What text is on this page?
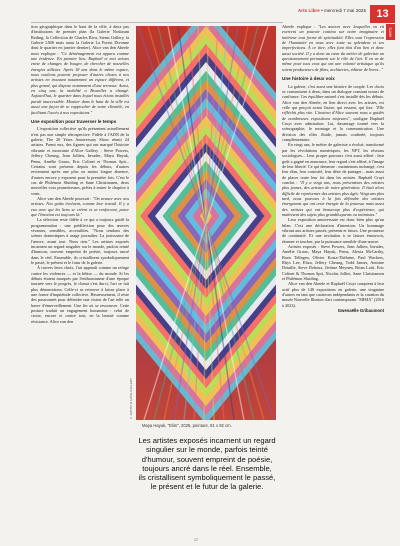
Arts Libre • mercredi 7 mai 2025 13
ARTS

tion géographique dans le haut de la ville, à deux pas d'institutions de premier plan (la Galerie Nosbaum Reding, la Collection de Charles Riva, Stems Gallery, la Galerie LMS mais aussi la Galerie La Forest Divonne dont le quartier en janvier dernier). Alice van den Abeele nous explique : "Ce déménagement est apparu comme une évidence. En premier lieu, Raphaël et moi avions envie de changer, de bouger, de chercher de nouvelles énergies ailleurs. Après 18 ans dans le même espace, nous voulions pouvoir proposer d'autres choses à nos artistes en trouvant notamment un espace différent, et plus grand, qui dispose notamment d'une terrasse. Aussi, en cinq ans, la mobilité a Bruxelles a changé. Aujourd'hui, le quartier dans lequel nous étions installés paraît inaccessible. Mouiter dans le haut de la ville est aussi une façon de se rapprocher de notre clientèle, en facilitant l'accès à nos expositions."

Une exposition pour traverser le temps

L'exposition collective qu'ils présentent actuellement n'est pas une simple rétrospective. Fidèle à l'ADN de la galerie, The 20 Years Anniversary Show réunit 24 artistes. Parmi eux, des figures qui ont marqué l'histoire vibrante et mouvante d'Alice Gallery : Steve Powers, Jeffery Cheung, Jean Jullien, Invader, Maya Hayuk, Pems, Amélie Graux, Eric Colinet et Thomas Spit... Certains sont présents depuis les débuts, d'autres reviennent après une plus ou moins longue absence, d'autres encore y exposent pour la première fois. C'est le cas de Philémon Sluiding et Sane Christiansen, deux nouvelles voix prometteuses, prêtes à entrer le chapitre à venir.

Alice van den Abeele poursuit : "On avance avec nos artistes. Nos goûts évoluent, comme leur travail. Il y a eux avec qui les liens se créent et se renforcent, parce que l'émotion est toujours là."

La sélection reste fidèle à ce qui a toujours guidé la programmation : une prédilection pour des œuvres vivantes, sensibles, accessibles. "Nous rendons des scènes domestiques à usage journalier. La jouissance de l'œuvre, avant tout. Nous rien." Les artistes exposés incarnent un regard singulier sur le monde, parfois teinté d'humour, souvent empreint de poésie, toujours ancré dans le réel. Ensemble, ils cristallisent symboliquement le passé, le présent et le futur de la galerie.

À travers leurs choix, l'art apparaît comme un refuge contre les violences — et la bêtise — du monde. Si les débuts étaient marqués par l'enthousiasme d'une époque tournée vers le progrès, le climat s'est durci, l'art se fait plus dénonciateur. Celle-ci se retrouve à laisse place à une forme d'inquiétude collective. Heureusement, il reste des passionnés pour défendre une vision de l'art telle un havre d'émerveillement. Une fin où se ressourcer. Cette posture traduit un engagement humaniste : celui de croire, encore et contre tout, en la beauté comme résistance. Alice van den

© ARTIST & ALICE GALLERY
Maya Hayuk, "Elim", 2025, peinture, 81 x 92 cm.
Les artistes exposés incarnent un regard singulier sur le monde, parfois teinté d'humour, souvent empreint de poésie, toujours ancré dans le réel. Ensemble, ils cristallisent symboliquement le passé, le présent et le futur de la galerie.

Abeele explique : "Les œuvres avec lesquelles on vit exercent un pouvoir continu sur notre imaginaire et intérieur tout forme de spiritualité. Elles sont l'expression de l'humanité en nous avec toute sa splendeur et ses imperfections. À ce titre, elles font état d'un lien et donc aussi société. Il y a donc au cœur du métier de galeriste un questionnement permanent sur le rôle de l'art. Il en va de même pour tous ceux qui ont une volonté artistique qu'ils soient producteurs de films, architectes, éditeur de livres..."

Une histoire à deux voix

La galerie, c'est aussi une histoire de couple. Les choix se construisent à deux, dans un dialogue constant nourri de confiance. Ces équilibre naturel s'est installé dès les débuts. Alice van den Abeele, en lien direct avec les artistes, est celle qui perçoit avant l'autre, qui ressent, qui fixe. "Elle réfléchit plus vite. L'instinct d'Alice souvent nous a guidés de nombreuses expositions majeures", souligne Raphaël Cruyt avec admiration. Lui, davantage tourné vers la scénographie, le montage et la communication. Une division des rôles fluide, jamais confinée, toujours complémentaire.

En vingt ans, le métier de galeriste a évolué, transformé par les révolutions numériques, les NFT, les réseaux sociologues... Leur propre parcours c'est aussi affiné : leur goût a gagné en assurance, leur regard s'est affiné, à l'image de leur liberté. Ce qui demeure : maintenons inchangé, c'est leur élan, leur curiosité, leur désir de partager... mais aussi de placer toute leur foi dans les artistes. Raphaël Cruyt conclut : "Il y a vingt ans, nous présentions des artistes plus jeunes, des artistes de notre génération. Il était alors difficile de représenter des artistes plus âgés. Vingt ans plus tard, nous pouvons à la fois défendre des artistes émergeants qui ont cette énergie de la jeunesse mais aussi des artistes qui ont beaucoup plus d'expérience, qui maîtrisent des sujets plus grandiloquents ou intimistes."

Leur exposition anniversaire est donc bien plus qu'un bilan. C'est une déclaration d'intention. Un hommage vibrant aux artistes passés, présents et futurs. Une promesse de continuité. Et une invitation à se laisser émouvoir, étonner et toucher, par la puissance sensible d'une œuvre.

Artistes exposés : Steve Powers, Jean Jullien, Invader, Amélie Graux, Maya Hayuk, Pems, Alexia McCarthy, Boris Tellegen, Olivier Kosta-Théfaine, Paul Wackers, Rhys Lee, Eliza, Jeffery Cheung, Todd James, Antoine Detaille, Steve Dehoux, Jérôme Meynen, Brian Lotti, Eric Colinet & Thomas Spit, Nicolas Jolliet, Sane Christiansen et Philémon Sluiding.

Alice van den Abeele et Raphaël Cruyt comptent à leur actif plus de 140 expositions en galerie, une vingtaine d'autres en tant que curateurs indépendants et la curation du musée Nouvelle Illusion d'art contemporain "MIMA" (2016 à 2023).

Gwenaëlle Gribaumont
17
